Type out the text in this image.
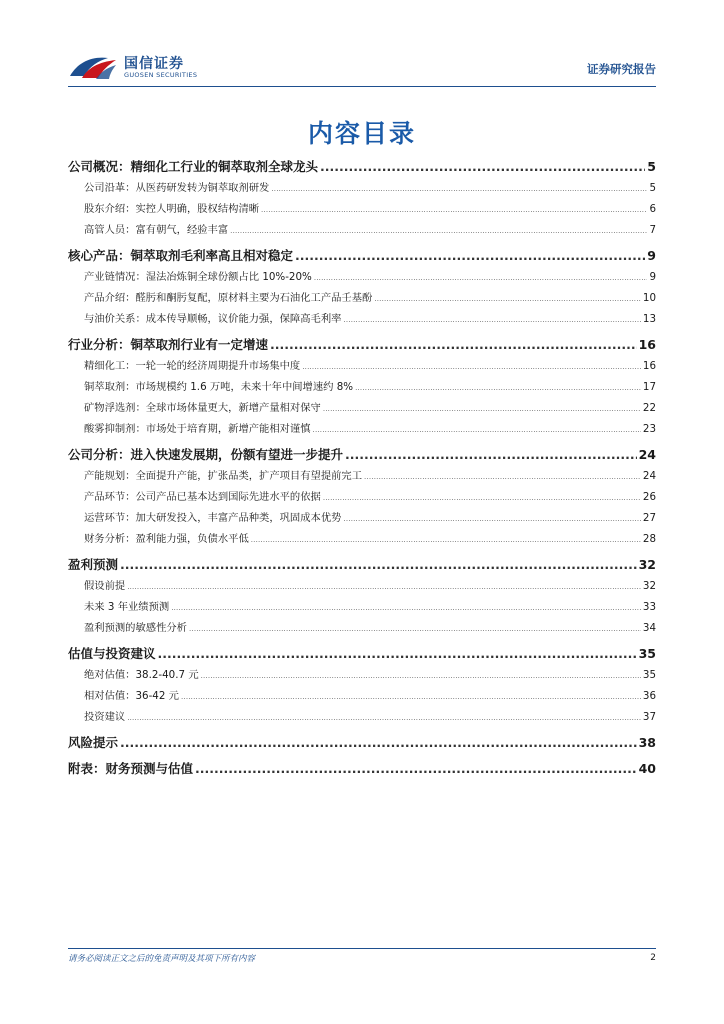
国信证券
GUOSEN SECURITIES	证券研究报告
内容目录
公司概况：精细化工行业的铜萃取剂全球龙头 .....	5
公司沿革：从医药研发转为铜萃取剂研发 .....	5
股东介绍：实控人明确，股权结构清晰 .....	6
高管人员：富有朝气，经验丰富 .....	7
核心产品：铜萃取剂毛利率高且相对稳定 .....	9
产业链情况：湿法冶炼铜全球份额占比 10%-20% .....	9
产品介绍：醛肟和酮肟复配，原材料主要为石油化工产品壬基酚 .....	10
与油价关系：成本传导顺畅，议价能力强，保障高毛利率 .....	13
行业分析：铜萃取剂行业有一定增速 .....	16
精细化工：一轮一轮的经济周期提升市场集中度 .....	16
铜萃取剂：市场规模约 1.6 万吨，未来十年中间增速约 8% .....	17
矿物浮选剂：全球市场体量更大，新增产量相对保守 .....	22
酸雾抑制剂：市场处于培育期，新增产能相对谨慎 .....	23
公司分析：进入快速发展期，份额有望进一步提升 .....	24
产能规划：全面提升产能，扩张品类，扩产项目有望提前完工 .....	24
产品环节：公司产品已基本达到国际先进水平的依据 .....	26
运营环节：加大研发投入，丰富产品种类，巩固成本优势 .....	27
财务分析：盈利能力强，负债水平低 .....	28
盈利预测 .....	32
假设前提 .....	32
未来 3 年业绩预测 .....	33
盈利预测的敏感性分析 .....	34
估值与投资建议 .....	35
绝对估值：38.2-40.7 元 .....	35
相对估值：36-42 元 .....	36
投资建议 .....	37
风险提示 .....	38
附表：财务预测与估值 .....	40
请务必阅读正文之后的免责声明及其项下所有内容	2
